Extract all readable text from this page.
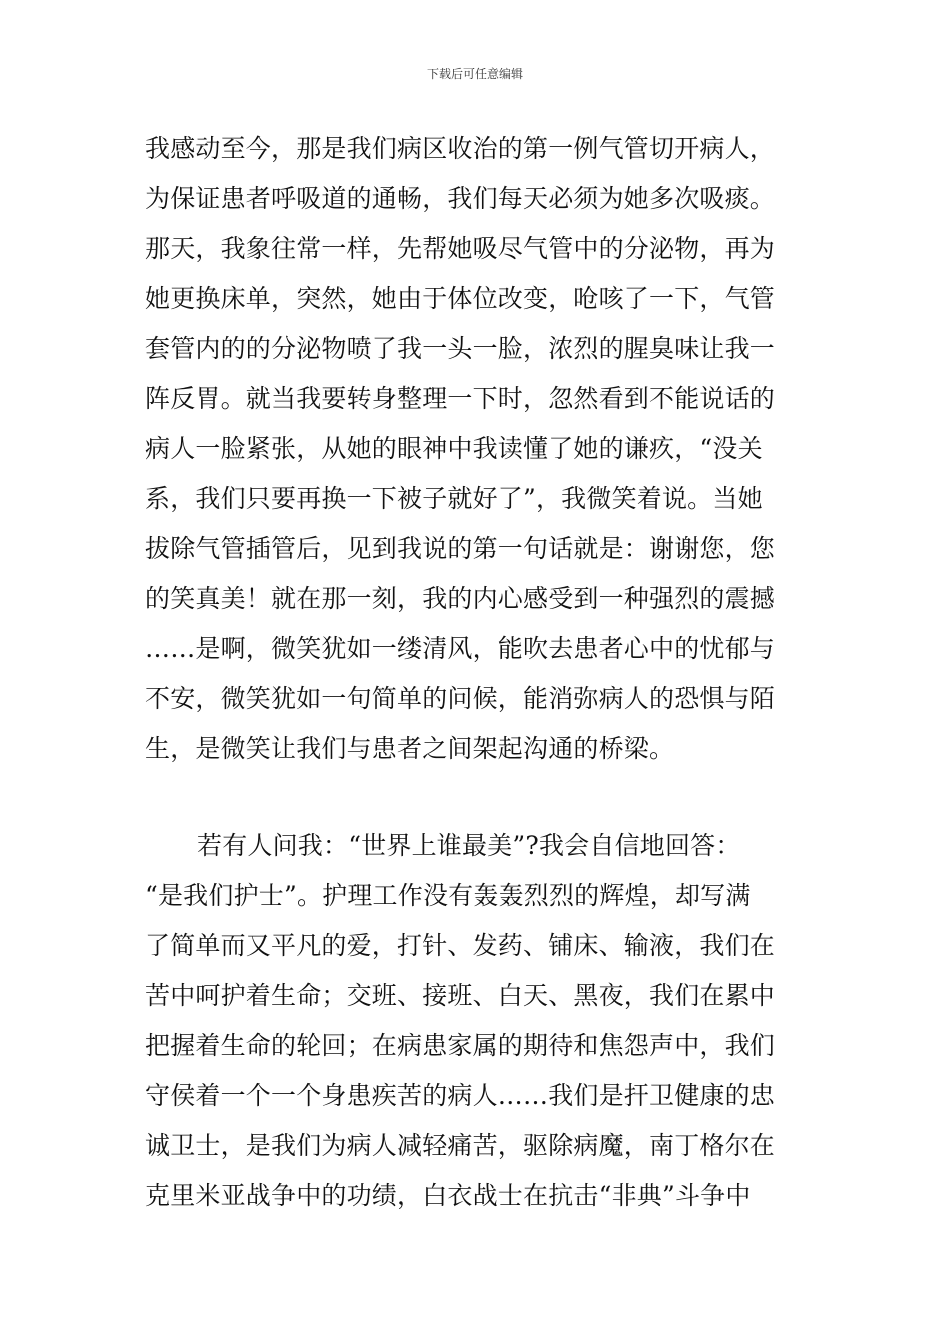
下载后可任意编辑
我感动至今，那是我们病区收治的第一例气管切开病人，
为保证患者呼吸道的通畅，我们每天必须为她多次吸痰。
那天，我象往常一样，先帮她吸尽气管中的分泌物，再为
她更换床单，突然，她由于体位改变，呛咳了一下，气管
套管内的的分泌物喷了我一头一脸，浓烈的腥臭味让我一
阵反胃。就当我要转身整理一下时，忽然看到不能说话的
病人一脸紧张，从她的眼神中我读懂了她的谦疚，“没关
系，我们只要再换一下被子就好了”，我微笑着说。当她
拔除气管插管后，见到我说的第一句话就是：谢谢您，您
的笑真美！就在那一刻，我的内心感受到一种强烈的震撼
……是啊，微笑犹如一缕清风，能吹去患者心中的忧郁与
不安，微笑犹如一句简单的问候，能消弥病人的恐惧与陌
生，是微笑让我们与患者之间架起沟通的桥梁。
若有人问我：“世界上谁最美”?我会自信地回答：
“是我们护士”。护理工作没有轰轰烈烈的辉煌，却写满
了简单而又平凡的爱，打针、发药、铺床、输液，我们在
苦中呵护着生命；交班、接班、白天、黑夜，我们在累中
把握着生命的轮回；在病患家属的期待和焦怨声中，我们
守侯着一个一个身患疾苦的病人……我们是扞卫健康的忠
诚卫士，是我们为病人减轻痛苦，驱除病魔，南丁格尔在
克里米亚战争中的功绩，白衣战士在抗击“非典”斗争中
